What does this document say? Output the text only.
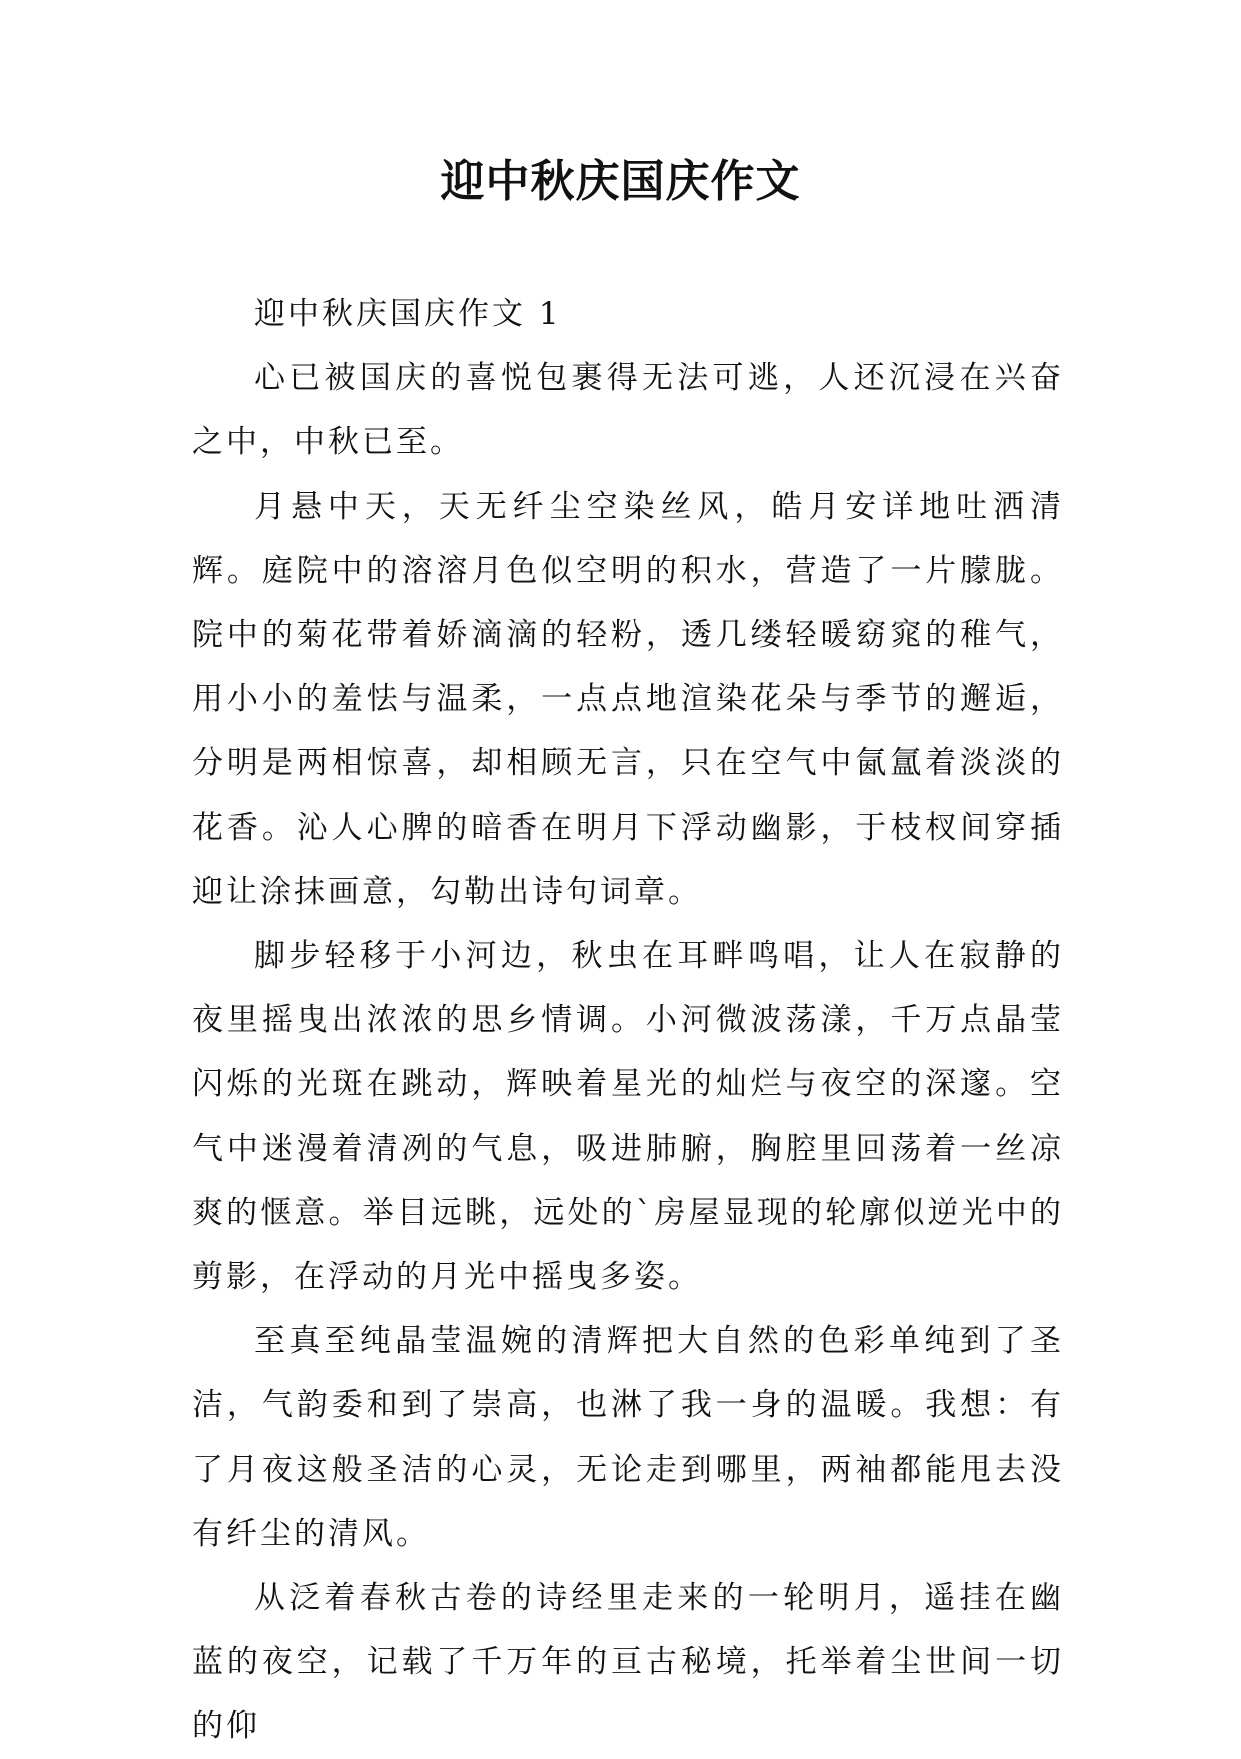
迎中秋庆国庆作文

迎中秋庆国庆作文 1

心已被国庆的喜悦包裹得无法可逃，人还沉浸在兴奋之中，中秋已至。

月悬中天，天无纤尘空染丝风，皓月安详地吐洒清辉。庭院中的溶溶月色似空明的积水，营造了一片朦胧。院中的菊花带着娇滴滴的轻粉，透几缕轻暖窈窕的稚气，用小小的羞怯与温柔，一点点地渲染花朵与季节的邂逅，分明是两相惊喜，却相顾无言，只在空气中氤氲着淡淡的花香。沁人心脾的暗香在明月下浮动幽影，于枝杈间穿插迎让涂抹画意，勾勒出诗句词章。

脚步轻移于小河边，秋虫在耳畔鸣唱，让人在寂静的夜里摇曳出浓浓的思乡情调。小河微波荡漾，千万点晶莹闪烁的光斑在跳动，辉映着星光的灿烂与夜空的深邃。空气中迷漫着清冽的气息，吸进肺腑，胸腔里回荡着一丝凉爽的惬意。举目远眺，远处的`房屋显现的轮廓似逆光中的剪影，在浮动的月光中摇曳多姿。

至真至纯晶莹温婉的清辉把大自然的色彩单纯到了圣洁，气韵委和到了崇高，也淋了我一身的温暖。我想：有了月夜这般圣洁的心灵，无论走到哪里，两袖都能甩去没有纤尘的清风。

从泛着春秋古卷的诗经里走来的一轮明月，遥挂在幽蓝的夜空，记载了千万年的亘古秘境，托举着尘世间一切的仰
